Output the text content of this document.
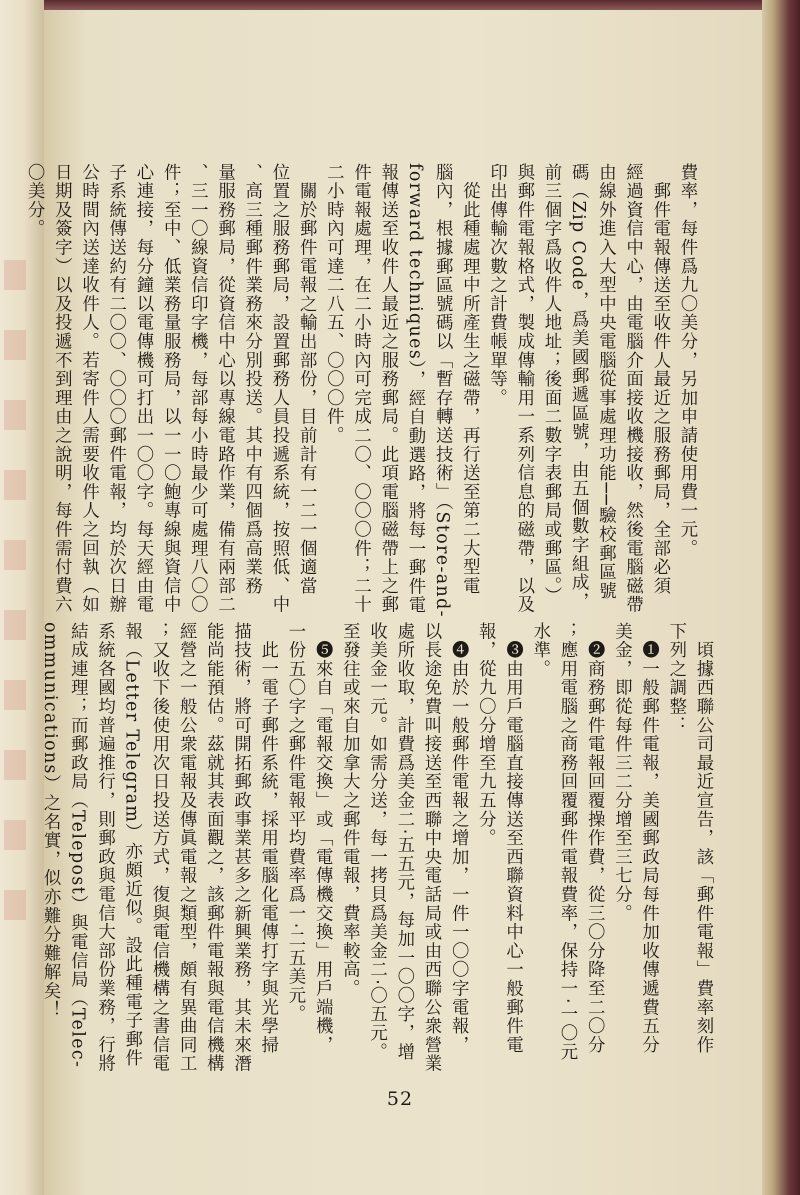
費率，每件爲九〇美分，另加申請使用費一元。
　郵件電報傳送至收件人最近之服務郵局，全部必須
經過資信中心，由電腦介面接收機接收，然後電腦磁帶
由線外進入大型中央電腦從事處理功能──驗校郵區號
碼（Zip Code，爲美國郵遞區號，由五個數字組成，
前三個字爲收件人地址；後面二數字表郵局或郵區。）
與郵件電報格式，製成傳輸用一系列信息的磁帶，以及
印出傳輸次數之計費帳單等。
　從此種處理中所產生之磁帶，再行送至第二大型電
腦內，根據郵區號碼以「暫存轉送技術」（Store-and-
forward techniques），經自動選路，將每一郵件電
報傳送至收件人最近之服務郵局。此項電腦磁帶上之郵
件電報處理，在二小時內可完成二〇、〇〇〇件；二十
二小時內可達二八五、〇〇〇件。
　關於郵件電報之輸出部份，目前計有一二一個適當
位置之服務郵局，設置郵務人員投遞系統，按照低、中
、高三種郵件業務來分別投送。其中有四個爲高業務
量服務郵局，從資信中心以專線電路作業，備有兩部二
、三一〇線資信印字機，每部每小時最少可處理八〇〇
件；至中、低業務量服務局，以一一〇鮑專線與資信中
心連接，每分鐘以電傳機可打出一〇〇字。每天經由電
子系統傳送約有二〇〇、〇〇〇郵件電報，均於次日辦
公時間內送達收件人。若寄件人需要收件人之回執（如
日期及簽字）以及投遞不到理由之說明，每件需付費六
〇美分。
　頃據西聯公司最近宣告，該「郵件電報」費率刻作
下列之調整：
　❶一般郵件電報，美國郵政局每件加收傳遞費五分
美金，即從每件三二分增至三七分。
　❷商務郵件電報回覆操作費，從三〇分降至二〇分
；應用電腦之商務回覆郵件電報費率，保持一‧一〇元
水準。
　❸由用戶電腦直接傳送至西聯資料中心一般郵件電
報，從九〇分增至九五分。
　❹由於一般郵件電報之增加，一件一〇〇字電報，
以長途免費叫接送至西聯中央電話局或由西聯公衆營業
處所收取，計費爲美金二‧五五元，每加一〇〇字，增
收美金一元。如需分送，每一拷貝爲美金二‧〇五元。
至發往或來自加拿大之郵件電報，費率較高。
　❺來自「電報交換」或「電傳機交換」用戶端機，
一份五〇字之郵件電報平均費率爲一‧二五美元。
　此一電子郵件系統，採用電腦化電傳打字與光學掃
描技術，將可開拓郵政事業甚多之新興業務，其未來潛
能尚能預估。茲就其表面觀之，該郵件電報與電信機構
經營之一般公衆電報及傳眞電報之類型，頗有異曲同工
；又收下後使用次日投送方式，復與電信機構之書信電
報（Letter Telegram）亦頗近似。設此種電子郵件
系統各國均普遍推行，則郵政與電信大部份業務，行將
結成連理；而郵政局（Telepost）與電信局（Telec-
ommunications）之名實，似亦難分難解矣！
52
